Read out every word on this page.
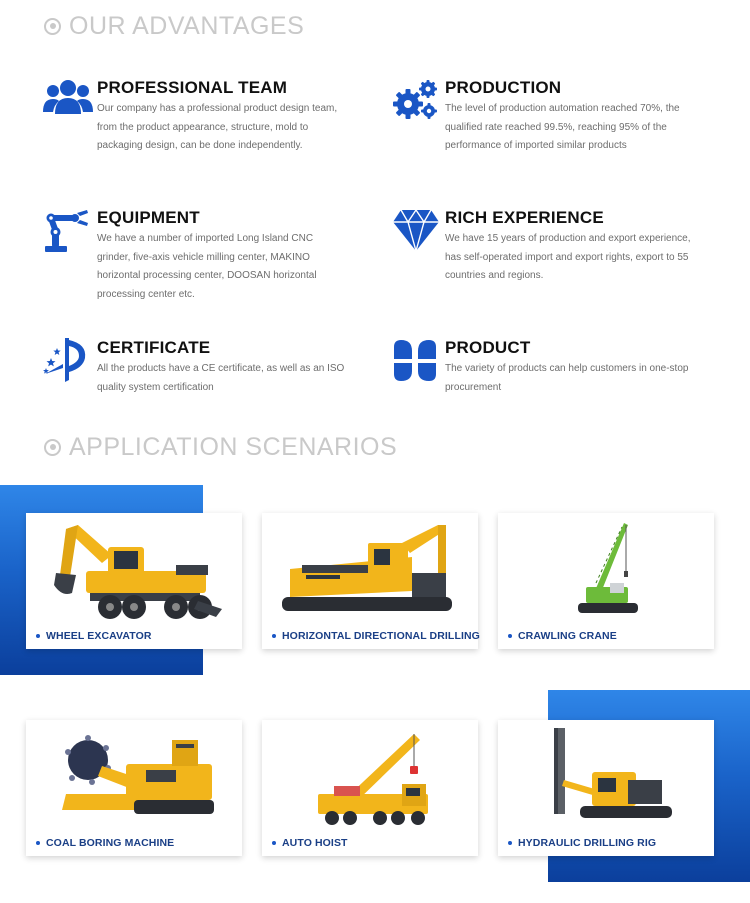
OUR ADVANTAGES
PROFESSIONAL TEAM
Our company has a professional product design team, from the product appearance, structure, mold to packaging design, can be done independently.
PRODUCTION
The level of production automation reached 70%, the qualified rate reached 99.5%, reaching 95% of the performance of imported similar products
EQUIPMENT
We have a number of imported Long Island CNC grinder, five-axis vehicle milling center, MAKINO horizontal processing center, DOOSAN horizontal processing center etc.
RICH EXPERIENCE
We have 15 years of production and export experience, has self-operated import and export rights, export to 55 countries and regions.
CERTIFICATE
All the products have a CE certificate, as well as an ISO quality system certification
PRODUCT
The variety of products can help customers in one-stop procurement
APPLICATION SCENARIOS
WHEEL EXCAVATOR	HORIZONTAL DIRECTIONAL DRILLING	CRAWLING CRANE
COAL BORING MACHINE	AUTO HOIST	HYDRAULIC DRILLING RIG
